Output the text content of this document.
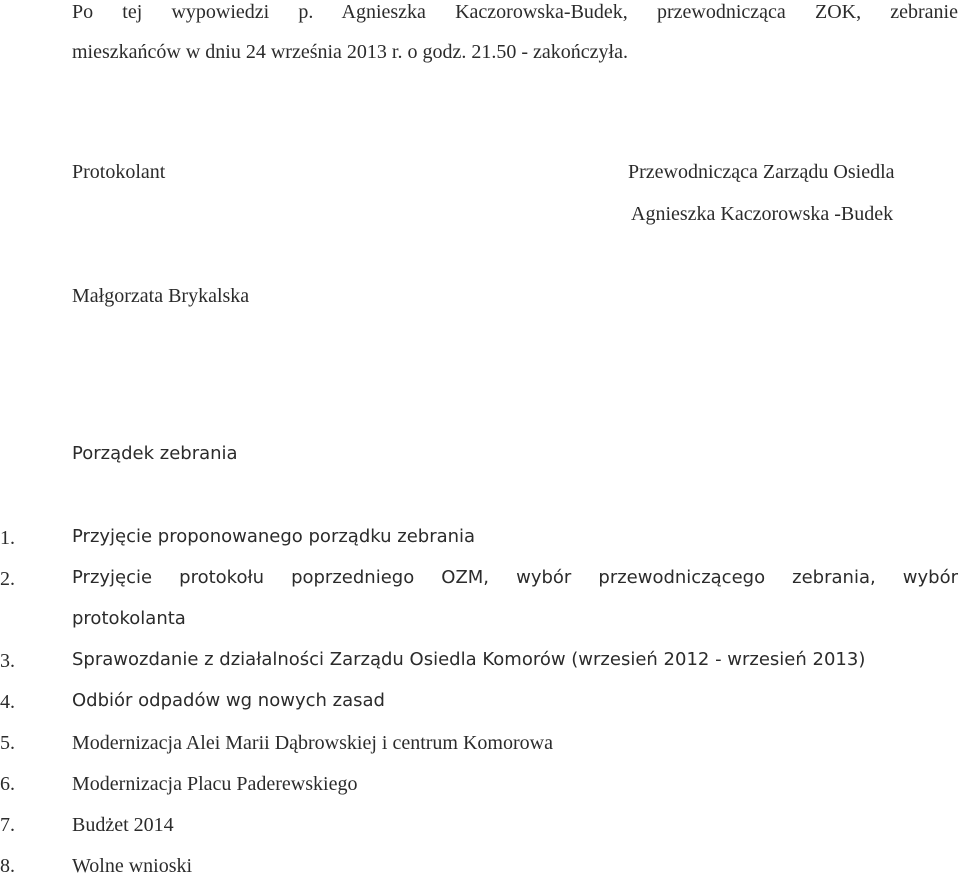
Po tej wypowiedzi p. Agnieszka Kaczorowska-Budek, przewodnicząca ZOK, zebranie
mieszkańców w dniu 24 września 2013 r. o godz. 21.50 - zakończyła.
Protokolant	Przewodnicząca Zarządu Osiedla
Agnieszka Kaczorowska -Budek
Małgorzata Brykalska
Porządek zebrania
1.	Przyjęcie proponowanego porządku zebrania
2.	Przyjęcie protokołu poprzedniego OZM, wybór przewodniczącego zebrania, wybór
protokolanta
3.	Sprawozdanie z działalności Zarządu Osiedla Komorów (wrzesień 2012 - wrzesień 2013)
4.	Odbiór odpadów wg nowych zasad
5.	Modernizacja Alei Marii Dąbrowskiej i centrum Komorowa
6.	Modernizacja Placu Paderewskiego
7.	Budżet 2014
8.	Wolne wnioski
